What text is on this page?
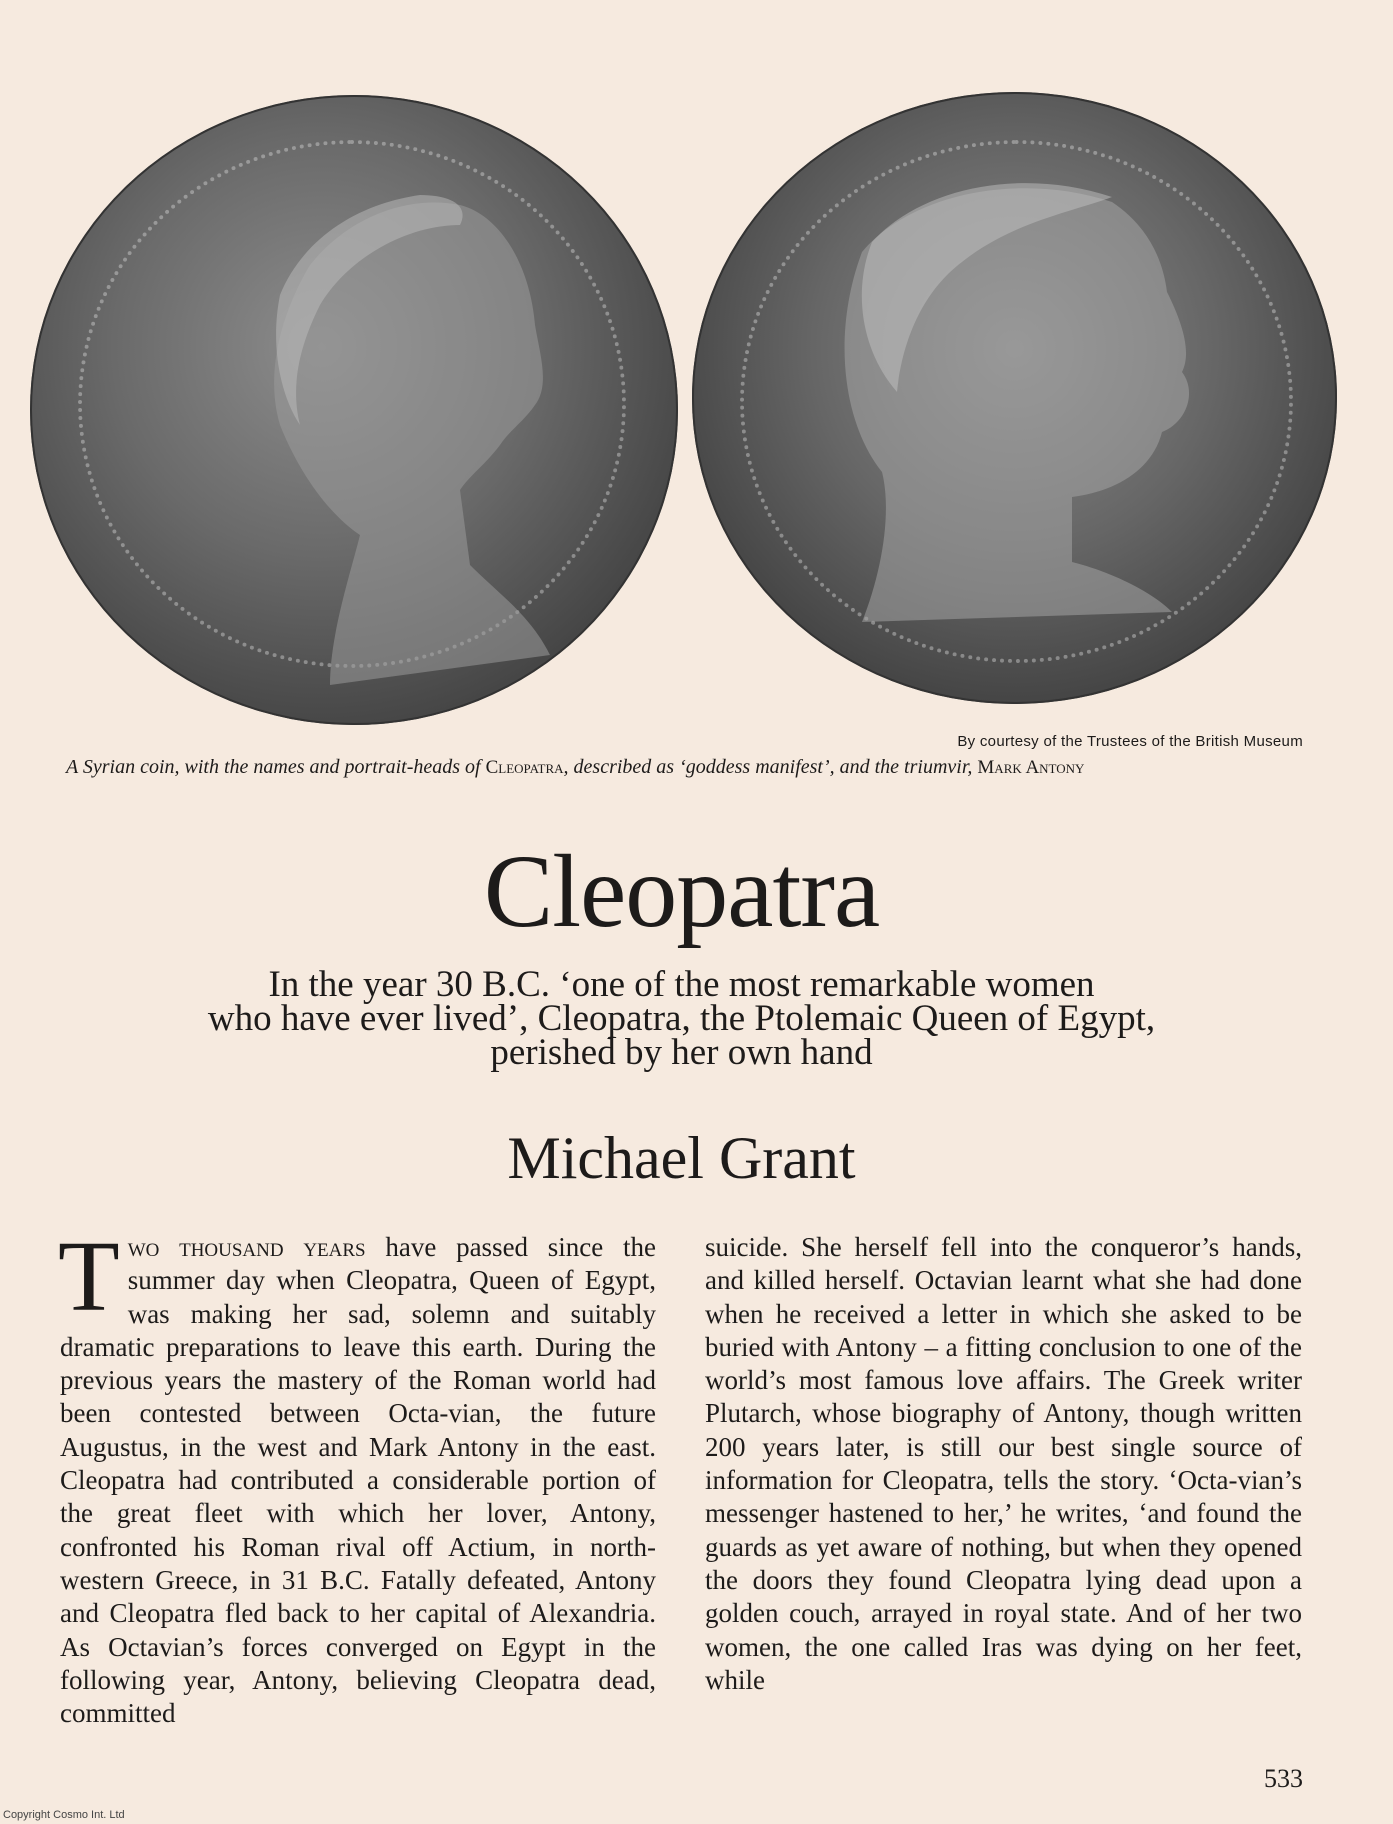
By courtesy of the Trustees of the British Museum
A Syrian coin, with the names and portrait-heads of Cleopatra, described as ‘goddess manifest’, and the triumvir, Mark Antony
Cleopatra
In the year 30 B.C. ‘one of the most remarkable women
who have ever lived’, Cleopatra, the Ptolemaic Queen of Egypt,
perished by her own hand
Michael Grant

Two thousand years have passed since the summer day when Cleopatra, Queen of Egypt, was making her sad, solemn and suitably dramatic preparations to leave this earth. During the previous years the mastery of the Roman world had been contested between Octa-vian, the future Augustus, in the west and Mark Antony in the east. Cleopatra had contributed a considerable portion of the great fleet with which her lover, Antony, confronted his Roman rival off Actium, in north-western Greece, in 31 B.C. Fatally defeated, Antony and Cleopatra fled back to her capital of Alexandria. As Octavian’s forces converged on Egypt in the following year, Antony, believing Cleopatra dead, committed

suicide. She herself fell into the conqueror’s hands, and killed herself. Octavian learnt what she had done when he received a letter in which she asked to be buried with Antony – a fitting conclusion to one of the world’s most famous love affairs. The Greek writer Plutarch, whose biography of Antony, though written 200 years later, is still our best single source of information for Cleopatra, tells the story. ‘Octa-vian’s messenger hastened to her,’ he writes, ‘and found the guards as yet aware of nothing, but when they opened the doors they found Cleopatra lying dead upon a golden couch, arrayed in royal state. And of her two women, the one called Iras was dying on her feet, while

533
Copyright Cosmo Int. Ltd
